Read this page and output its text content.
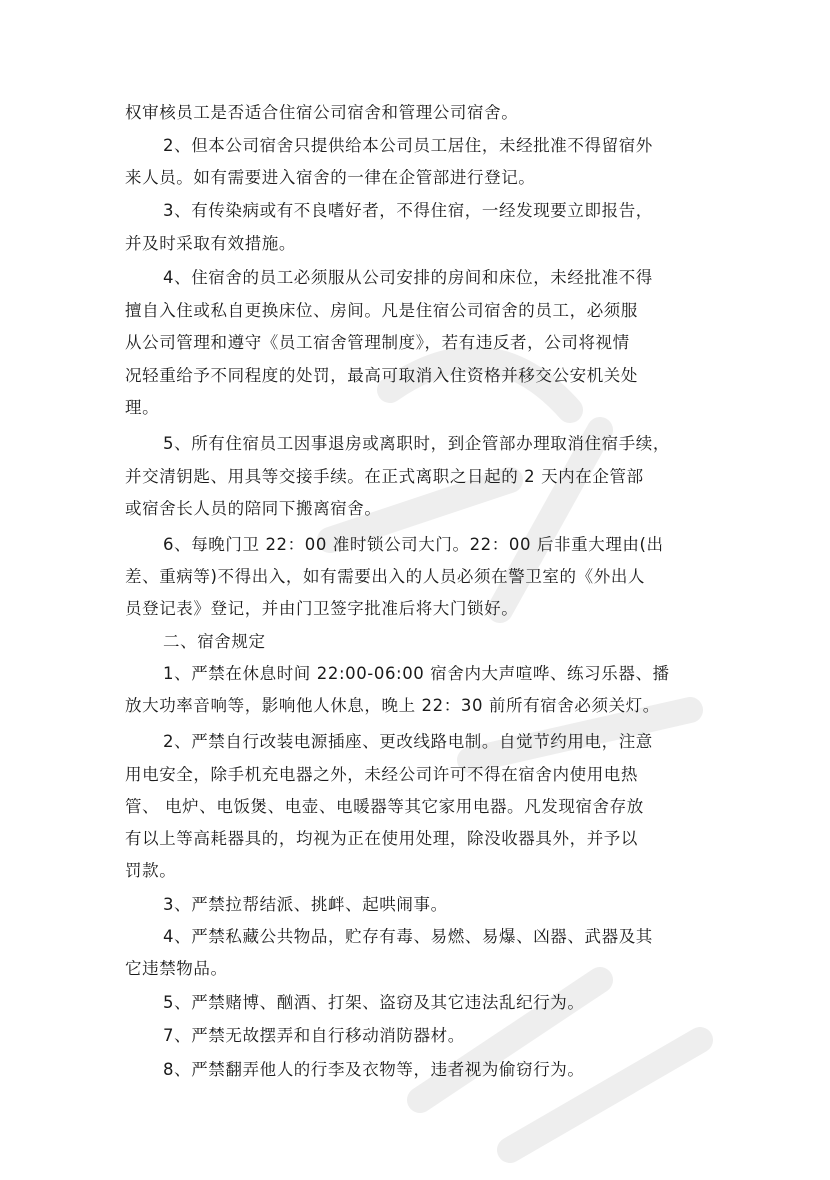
权审核员工是否适合住宿公司宿舍和管理公司宿舍。
2、但本公司宿舍只提供给本公司员工居住，未经批准不得留宿外
来人员。如有需要进入宿舍的一律在企管部进行登记。
3、有传染病或有不良嗜好者，不得住宿，一经发现要立即报告，
并及时采取有效措施。
4、住宿舍的员工必须服从公司安排的房间和床位，未经批准不得
擅自入住或私自更换床位、房间。凡是住宿公司宿舍的员工，必须服
从公司管理和遵守《员工宿舍管理制度》，若有违反者，公司将视情
况轻重给予不同程度的处罚，最高可取消入住资格并移交公安机关处
理。
5、所有住宿员工因事退房或离职时，到企管部办理取消住宿手续，
并交清钥匙、用具等交接手续。在正式离职之日起的 2 天内在企管部
或宿舍长人员的陪同下搬离宿舍。
6、每晚门卫 22：00 准时锁公司大门。22：00 后非重大理由(出
差、重病等)不得出入，如有需要出入的人员必须在警卫室的《外出人
员登记表》登记，并由门卫签字批准后将大门锁好。
二、宿舍规定
1、严禁在休息时间 22:00-06:00 宿舍内大声喧哗、练习乐器、播
放大功率音响等，影响他人休息，晚上 22：30 前所有宿舍必须关灯。
2、严禁自行改装电源插座、更改线路电制。自觉节约用电，注意
用电安全，除手机充电器之外，未经公司许可不得在宿舍内使用电热
管、 电炉、电饭煲、电壶、电暖器等其它家用电器。凡发现宿舍存放
有以上等高耗器具的，均视为正在使用处理，除没收器具外，并予以
罚款。
3、严禁拉帮结派、挑衅、起哄闹事。
4、严禁私藏公共物品，贮存有毒、易燃、易爆、凶器、武器及其
它违禁物品。
5、严禁赌博、酗酒、打架、盗窃及其它违法乱纪行为。
7、严禁无故摆弄和自行移动消防器材。
8、严禁翻弄他人的行李及衣物等，违者视为偷窃行为。
